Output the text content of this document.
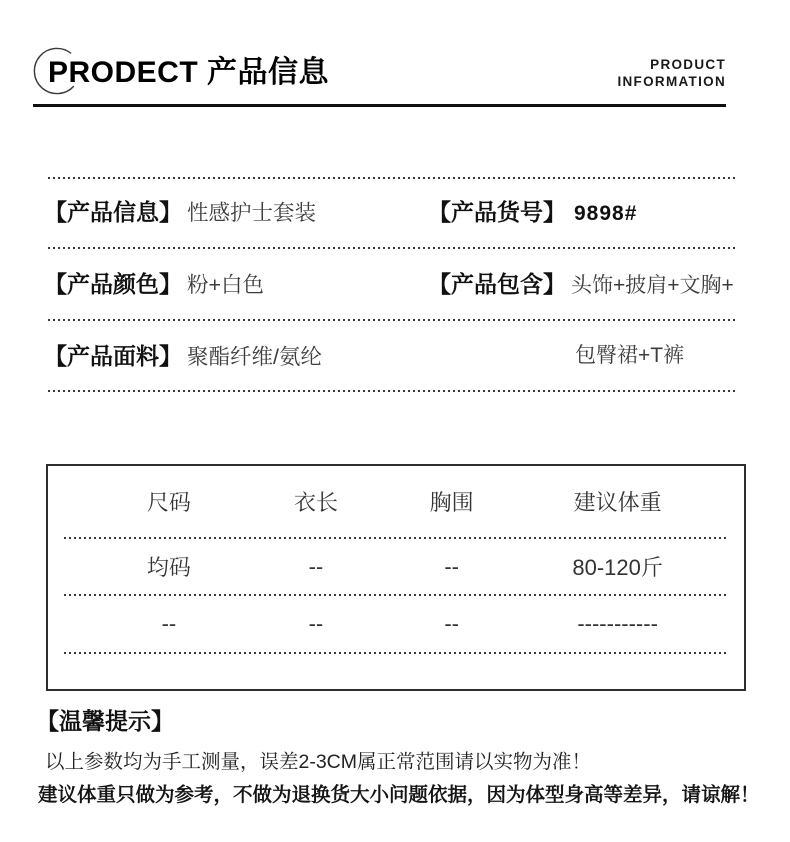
PRODECT 产品信息	PRODUCT
INFORMATION
【产品信息】 性感护士套装	【产品货号】 9898#
【产品颜色】 粉+白色	【产品包含】 头饰+披肩+文胸+
【产品面料】 聚酯纤维/氨纶	包臀裙+T裤
尺码	衣长	胸围	建议体重
均码	--	--	80-120斤
--	--	--	-----------
【温馨提示】
以上参数均为手工测量，误差2-3CM属正常范围请以实物为准！
建议体重只做为参考，不做为退换货大小问题依据，因为体型身高等差异，请谅解！
